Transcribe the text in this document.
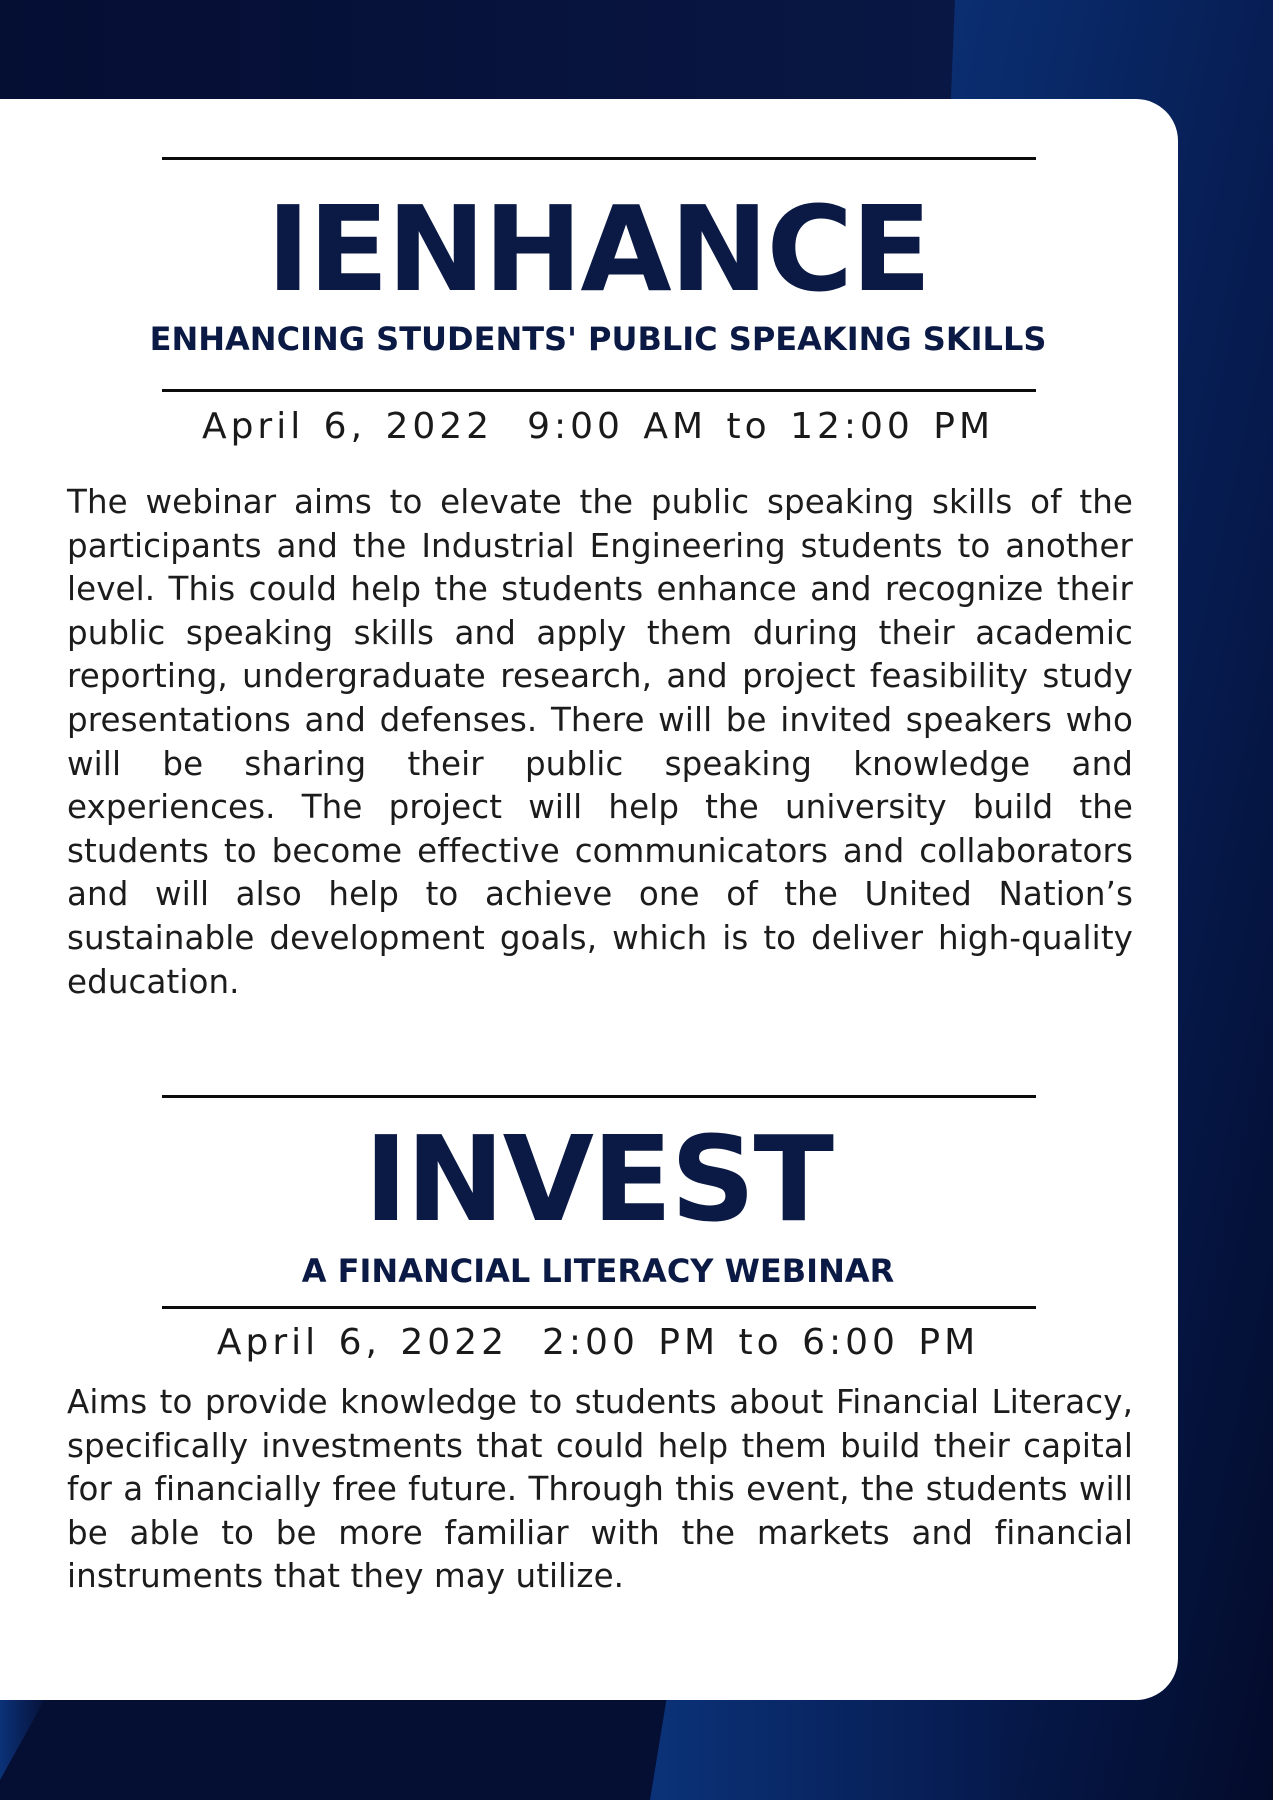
IENHANCE
ENHANCING STUDENTS' PUBLIC SPEAKING SKILLS
April 6, 2022 9:00 AM to 12:00 PM

The webinar aims to elevate the public speaking skills of the participants and the Industrial Engineering students to another level. This could help the students enhance and recognize their public speaking skills and apply them during their academic reporting, undergraduate research, and project feasibility study presentations and defenses. There will be invited speakers who will be sharing their public speaking knowledge and experiences. The project will help the university build the students to become effective communicators and collaborators and will also help to achieve one of the United Nation’s sustainable development goals, which is to deliver high-quality education.

INVEST
A FINANCIAL LITERACY WEBINAR
April 6, 2022 2:00 PM to 6:00 PM

Aims to provide knowledge to students about Financial Literacy, specifically investments that could help them build their capital for a financially free future. Through this event, the students will be able to be more familiar with the markets and financial instruments that they may utilize.
